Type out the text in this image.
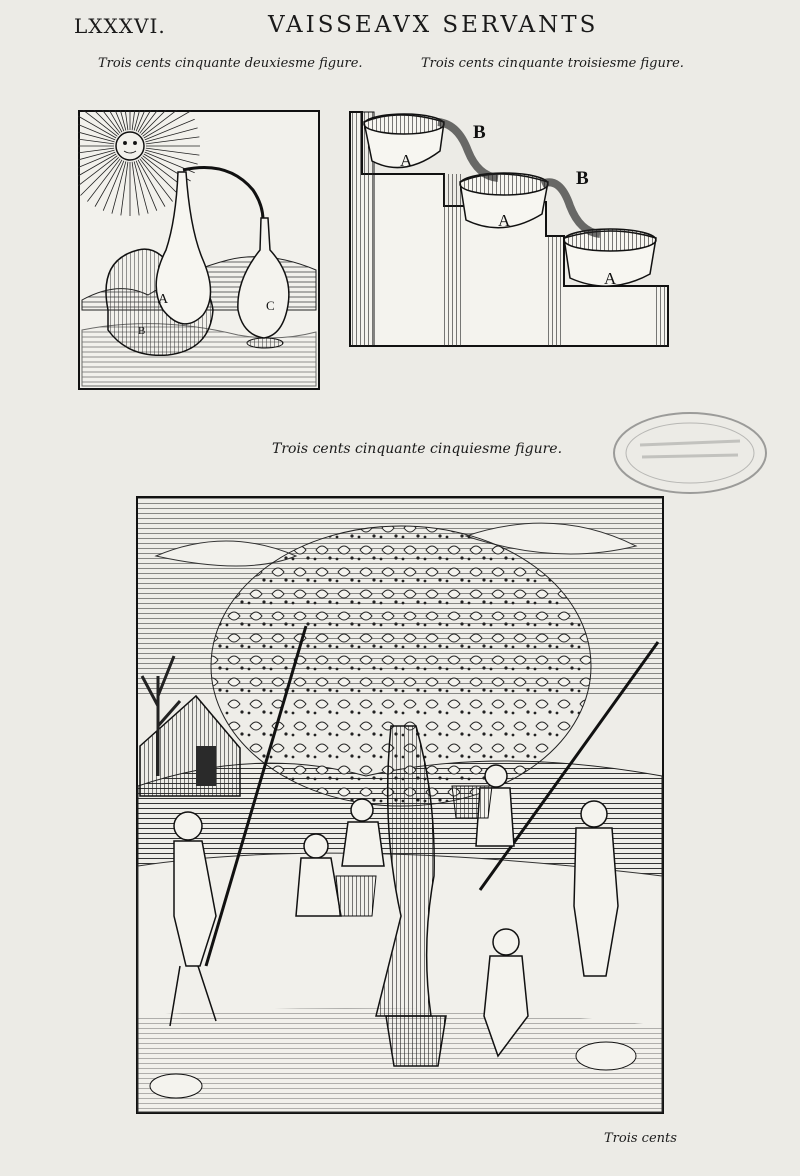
LXXXVI.	VAISSEAVX SERVANTS
Trois cents cinquante deuxiesme figure.	Trois cents cinquante troisiesme figure.
A
B
C
A
A
A
B
B
Trois cents cinquante cinquiesme figure.
Trois cents
